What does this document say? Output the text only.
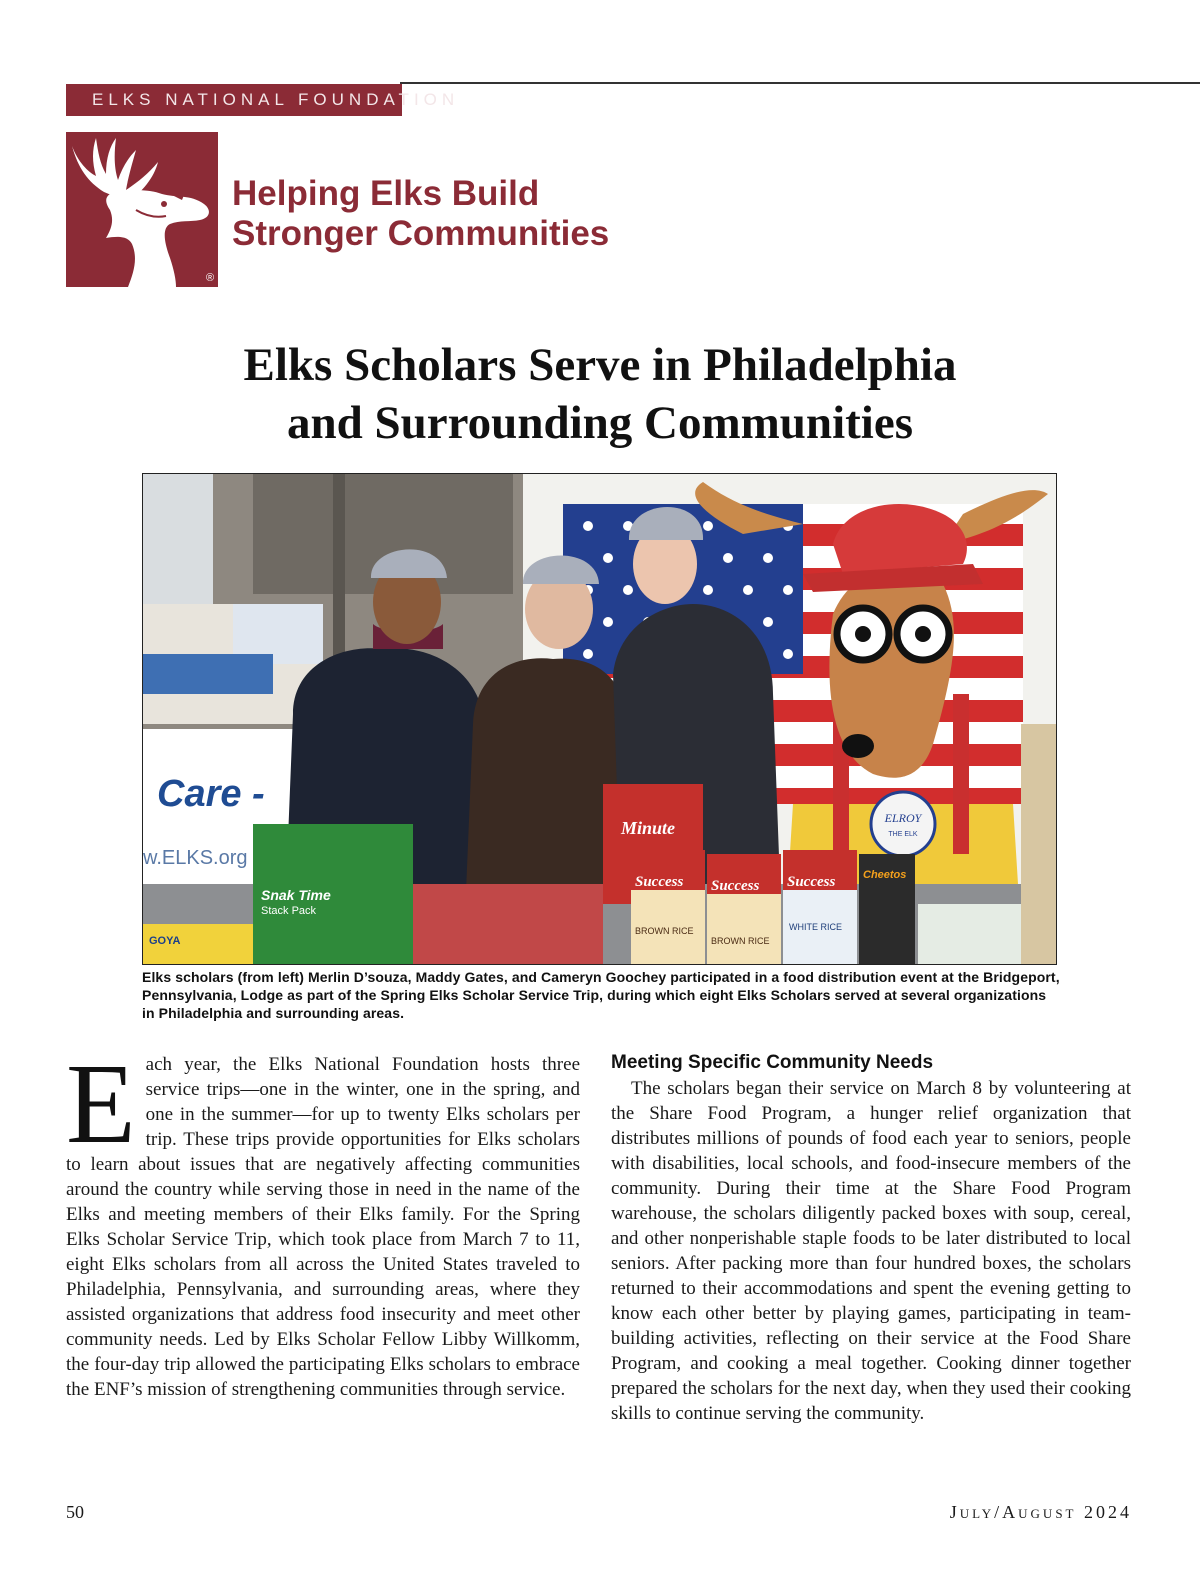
ELKS NATIONAL FOUNDATION
®
Helping Elks Build
Stronger Communities
Elks Scholars Serve in Philadelphia
and Surrounding Communities
ELROY
THE ELK
Care -
w.ELKS.org
Snak Time
Stack Pack
GOYA
Minute
Success
BROWN RICE
Success
BROWN RICE
Success
WHITE RICE
Cheetos

Elks scholars (from left) Merlin D’souza, Maddy Gates, and Cameryn Goochey participated in a food distribution event at the Bridgeport, Pennsylvania, Lodge as part of the Spring Elks Scholar Service Trip, during which eight Elks Scholars served at several organizations in Philadelphia and surrounding areas.

E ach year, the Elks National Foundation hosts three service trips—one in the winter, one in the spring, and one in the summer—for up to twenty Elks scholars per trip. These trips provide opportunities for Elks scholars to learn about issues that are negatively affecting communities around the country while serving those in need in the name of the Elks and meeting members of their Elks family. For the Spring Elks Scholar Service Trip, which took place from March 7 to 11, eight Elks scholars from all across the United States traveled to Philadelphia, Pennsylvania, and surrounding areas, where they assisted organizations that address food insecurity and meet other community needs. Led by Elks Scholar Fellow Libby Willkomm, the four-day trip allowed the participating Elks scholars to embrace the ENF’s mission of strengthening communities through service.

Meeting Specific Community Needs

The scholars began their service on March 8 by volunteering at the Share Food Program, a hunger relief organization that distributes millions of pounds of food each year to seniors, people with disabilities, local schools, and food-insecure members of the community. During their time at the Share Food Program warehouse, the scholars diligently packed boxes with soup, cereal, and other nonperishable staple foods to be later distributed to local seniors. After packing more than four hundred boxes, the scholars returned to their accommodations and spent the evening getting to know each other better by playing games, participating in team-building activities, reflecting on their service at the Food Share Program, and cooking a meal together. Cooking dinner together prepared the scholars for the next day, when they used their cooking skills to continue serving the community.

50	July/August 2024
